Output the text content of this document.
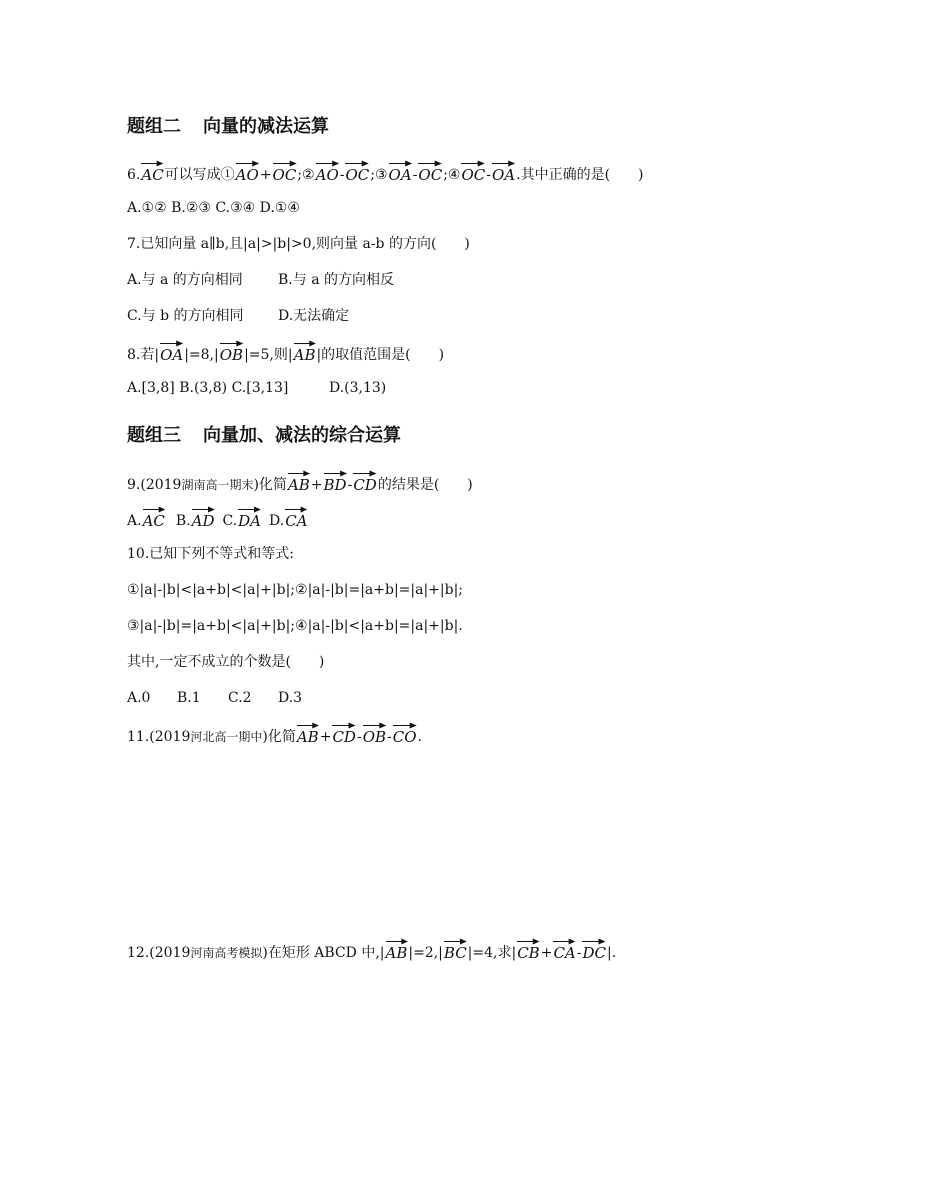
题组二 向量的减法运算
6.
AC可以写成①
AO+
OC;②
AO-
OC;③
OA-
OC;④
OC-
OA.其中正确的是(　　)
A.①② B.②③ C.③④ D.①④
7.已知向量 a∥b,且|a|>|b|>0,则向量 a-b 的方向(　　)
A.与 a 的方向相同	B.与 a 的方向相反
C.与 b 的方向相同 D.无法确定
8.若|
OA|=8,|
OB|=5,则|
AB|的取值范围是(　　)
A.[3,8] B.(3,8) C.[3,13]	D.(3,13)
题组三 向量加、减法的综合运算
9.(2019湖南高一期末)化简
AB+
BD-
CD的结果是(　　)
A.
AC B.
AD C.
DA D.
CA
10.已知下列不等式和等式:
①|a|-|b|<|a+b|<|a|+|b|;②|a|-|b|=|a+b|=|a|+|b|;
③|a|-|b|=|a+b|<|a|+|b|;④|a|-|b|<|a+b|=|a|+|b|.
其中,一定不成立的个数是(　　)
A.0 B.1 C.2 D.3
11.(2019河北高一期中)化简
AB+
CD-
OB-
CO.
12.(2019河南高考模拟)在矩形 ABCD 中,|
AB|=2,|
BC|=4,求|
CB+
CA-
DC|.
